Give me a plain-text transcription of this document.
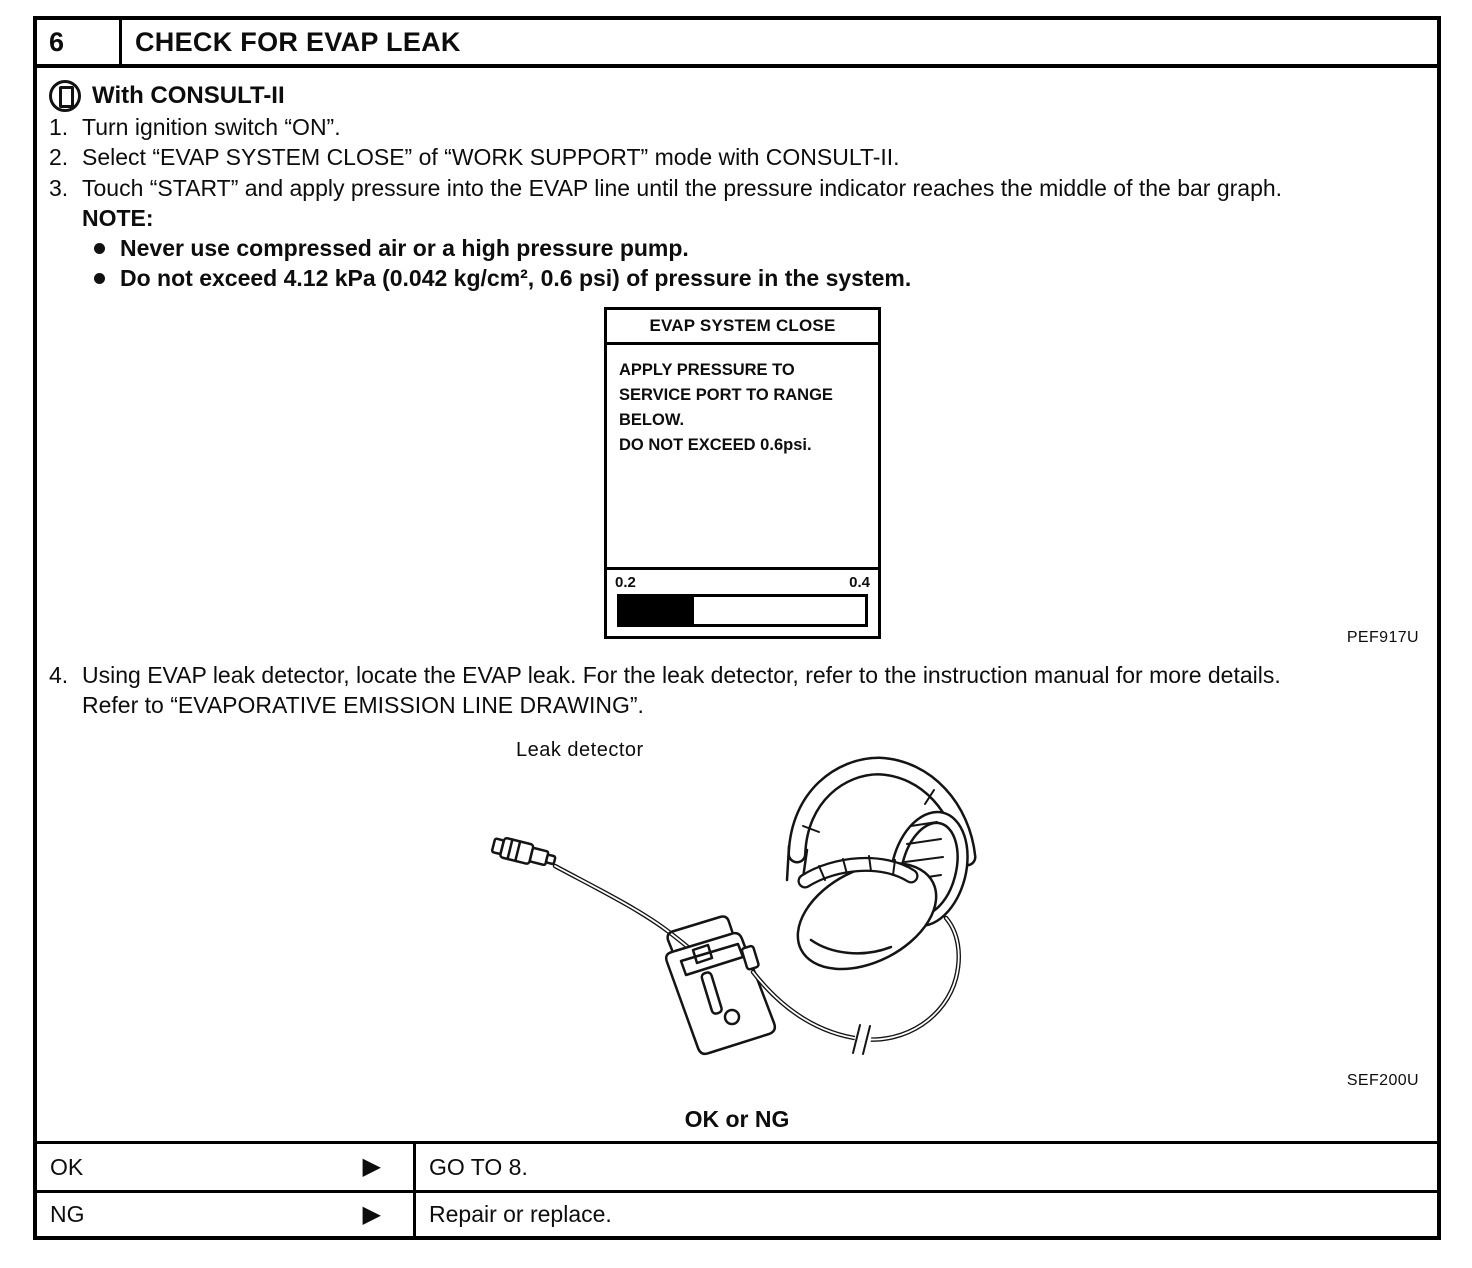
6	CHECK FOR EVAP LEAK
With CONSULT-II
1. Turn ignition switch “ON”.
2. Select “EVAP SYSTEM CLOSE” of “WORK SUPPORT” mode with CONSULT-II.
3. Touch “START” and apply pressure into the EVAP line until the pressure indicator reaches the middle of the bar graph.
NOTE:
Never use compressed air or a high pressure pump.
Do not exceed 4.12 kPa (0.042 kg/cm², 0.6 psi) of pressure in the system.
EVAP SYSTEM CLOSE
APPLY PRESSURE TO
SERVICE PORT TO RANGE
BELOW.
DO NOT EXCEED 0.6psi.
0.2	0.4
PEF917U
4. Using EVAP leak detector, locate the EVAP leak. For the leak detector, refer to the instruction manual for more details.
Refer to “EVAPORATIVE EMISSION LINE DRAWING”.
Leak detector
SEF200U
OK or NG
OK	▶	GO TO 8.
NG	▶	Repair or replace.
